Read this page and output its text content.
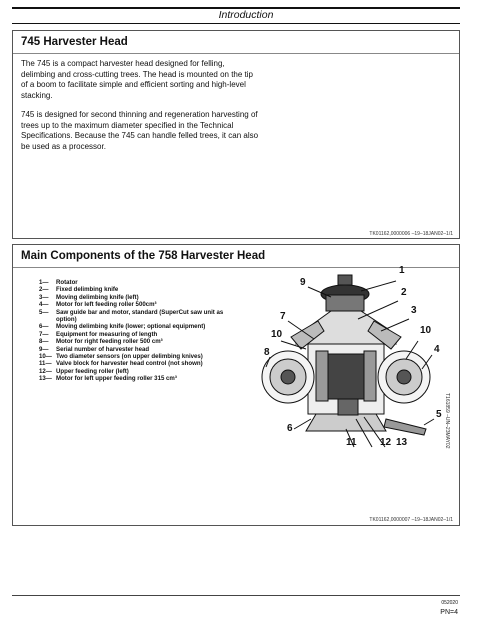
Introduction
745 Harvester Head
The 745 is a compact harvester head designed for felling, delimbing and cross-cutting trees. The head is mounted on the tip of a boom to facilitate simple and efficient sorting and high-level stacking.
745 is designed for second thinning and regeneration harvesting of trees up to the maximum diameter specified in the Technical Specifications. Because the 745 can handle felled trees, it can also be used as a processor.
TK01162,0000006 –19–18JAN02–1/1
Main Components of the 758 Harvester Head
1—	Rotator
2—	Fixed delimbing knife
3—	Moving delimbing knife (left)
4—	Motor for left feeding roller 500cm³
5—	Saw guide bar and motor, standard (SuperCut saw unit as option)
6—	Moving delimbing knife (lower; optional equipment)
7—	Equipment for measuring of length
8—	Motor for right feeding roller 500 cm³
9—	Serial number of harvester head
10— Two diameter sensors (on upper delimbing knives)
11— Valve block for harvester head control (not shown)
12— Upper feeding roller (left)
13— Motor for left upper feeding roller 315 cm³
1
2
3
4
5
6
7
8
9
10	10
11 12 13	T161859 –UN–23MAY02
TK01162,0000007 –19–18JAN02–1/1
052020
PN=4
